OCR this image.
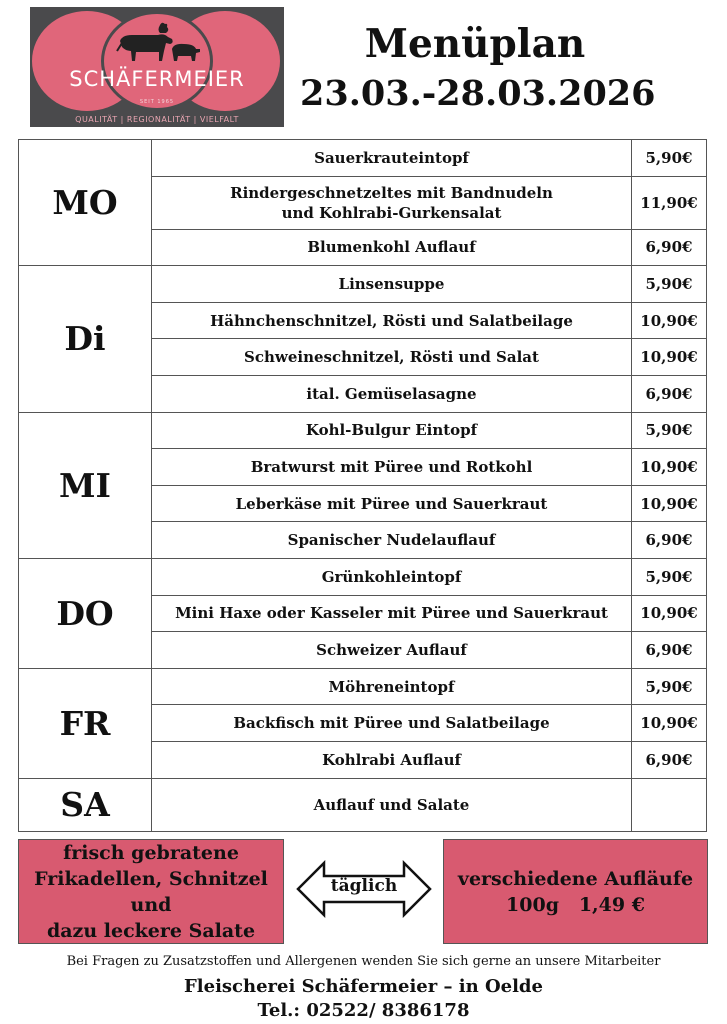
SCHÄFERMEIER
SEIT 1965
QUALITÄT | REGIONALITÄT | VIELFALT
Menüplan
23.03.-28.03.2026
MO	Sauerkrauteintopf	5,90€
	Rindergeschnetzeltes mit Bandnudeln
und Kohlrabi-Gurkensalat	11,90€
	Blumenkohl Auflauf	6,90€
Di	Linsensuppe	5,90€
	Hähnchenschnitzel, Rösti und Salatbeilage	10,90€
	Schweineschnitzel, Rösti und Salat	10,90€
	ital. Gemüselasagne	6,90€
MI	Kohl-Bulgur Eintopf	5,90€
	Bratwurst mit Püree und Rotkohl	10,90€
	Leberkäse mit Püree und Sauerkraut	10,90€
	Spanischer Nudelauflauf	6,90€
DO	Grünkohleintopf	5,90€
	Mini Haxe oder Kasseler mit Püree und Sauerkraut	10,90€
	Schweizer Auflauf	6,90€
FR	Möhreneintopf	5,90€
	Backfisch mit Püree und Salatbeilage	10,90€
	Kohlrabi Auflauf	6,90€
SA	Auflauf und Salate	
frisch gebratene
Frikadellen, Schnitzel und
dazu leckere Salate
täglich	verschiedene Aufläufe
100g   1,49 €
Bei Fragen zu Zusatzstoffen und Allergenen wenden Sie sich gerne an unsere Mitarbeiter
Fleischerei Schäfermeier – in Oelde
Tel.: 02522/ 8386178
